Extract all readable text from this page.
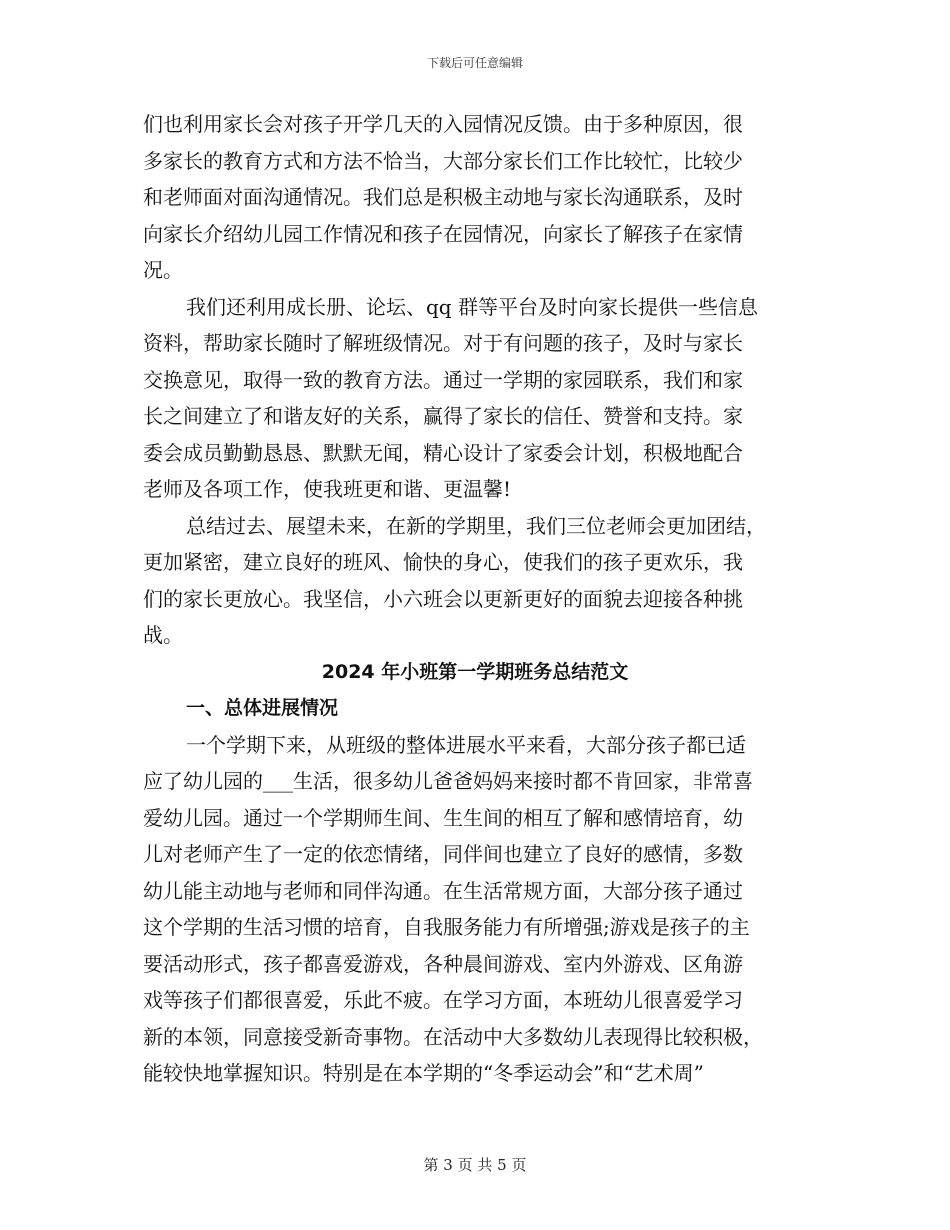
下载后可任意编辑
们也利用家长会对孩子开学几天的入园情况反馈。由于多种原因，很
多家长的教育方式和方法不恰当，大部分家长们工作比较忙，比较少
和老师面对面沟通情况。我们总是积极主动地与家长沟通联系，及时
向家长介绍幼儿园工作情况和孩子在园情况，向家长了解孩子在家情
况。
我们还利用成长册、论坛、qq 群等平台及时向家长提供一些信息
资料，帮助家长随时了解班级情况。对于有问题的孩子，及时与家长
交换意见，取得一致的教育方法。通过一学期的家园联系，我们和家
长之间建立了和谐友好的关系，赢得了家长的信任、赞誉和支持。家
委会成员勤勤恳恳、默默无闻，精心设计了家委会计划，积极地配合
老师及各项工作，使我班更和谐、更温馨!
总结过去、展望未来，在新的学期里，我们三位老师会更加团结，
更加紧密，建立良好的班风、愉快的身心，使我们的孩子更欢乐，我
们的家长更放心。我坚信，小六班会以更新更好的面貌去迎接各种挑
战。
2024 年小班第一学期班务总结范文
一、总体进展情况
一个学期下来，从班级的整体进展水平来看，大部分孩子都已适
应了幼儿园的___生活，很多幼儿爸爸妈妈来接时都不肯回家，非常喜
爱幼儿园。通过一个学期师生间、生生间的相互了解和感情培育，幼
儿对老师产生了一定的依恋情绪，同伴间也建立了良好的感情，多数
幼儿能主动地与老师和同伴沟通。在生活常规方面，大部分孩子通过
这个学期的生活习惯的培育，自我服务能力有所增强;游戏是孩子的主
要活动形式，孩子都喜爱游戏，各种晨间游戏、室内外游戏、区角游
戏等孩子们都很喜爱，乐此不疲。在学习方面，本班幼儿很喜爱学习
新的本领，同意接受新奇事物。在活动中大多数幼儿表现得比较积极，
能较快地掌握知识。特别是在本学期的“冬季运动会”和“艺术周”
第 3 页 共 5 页
